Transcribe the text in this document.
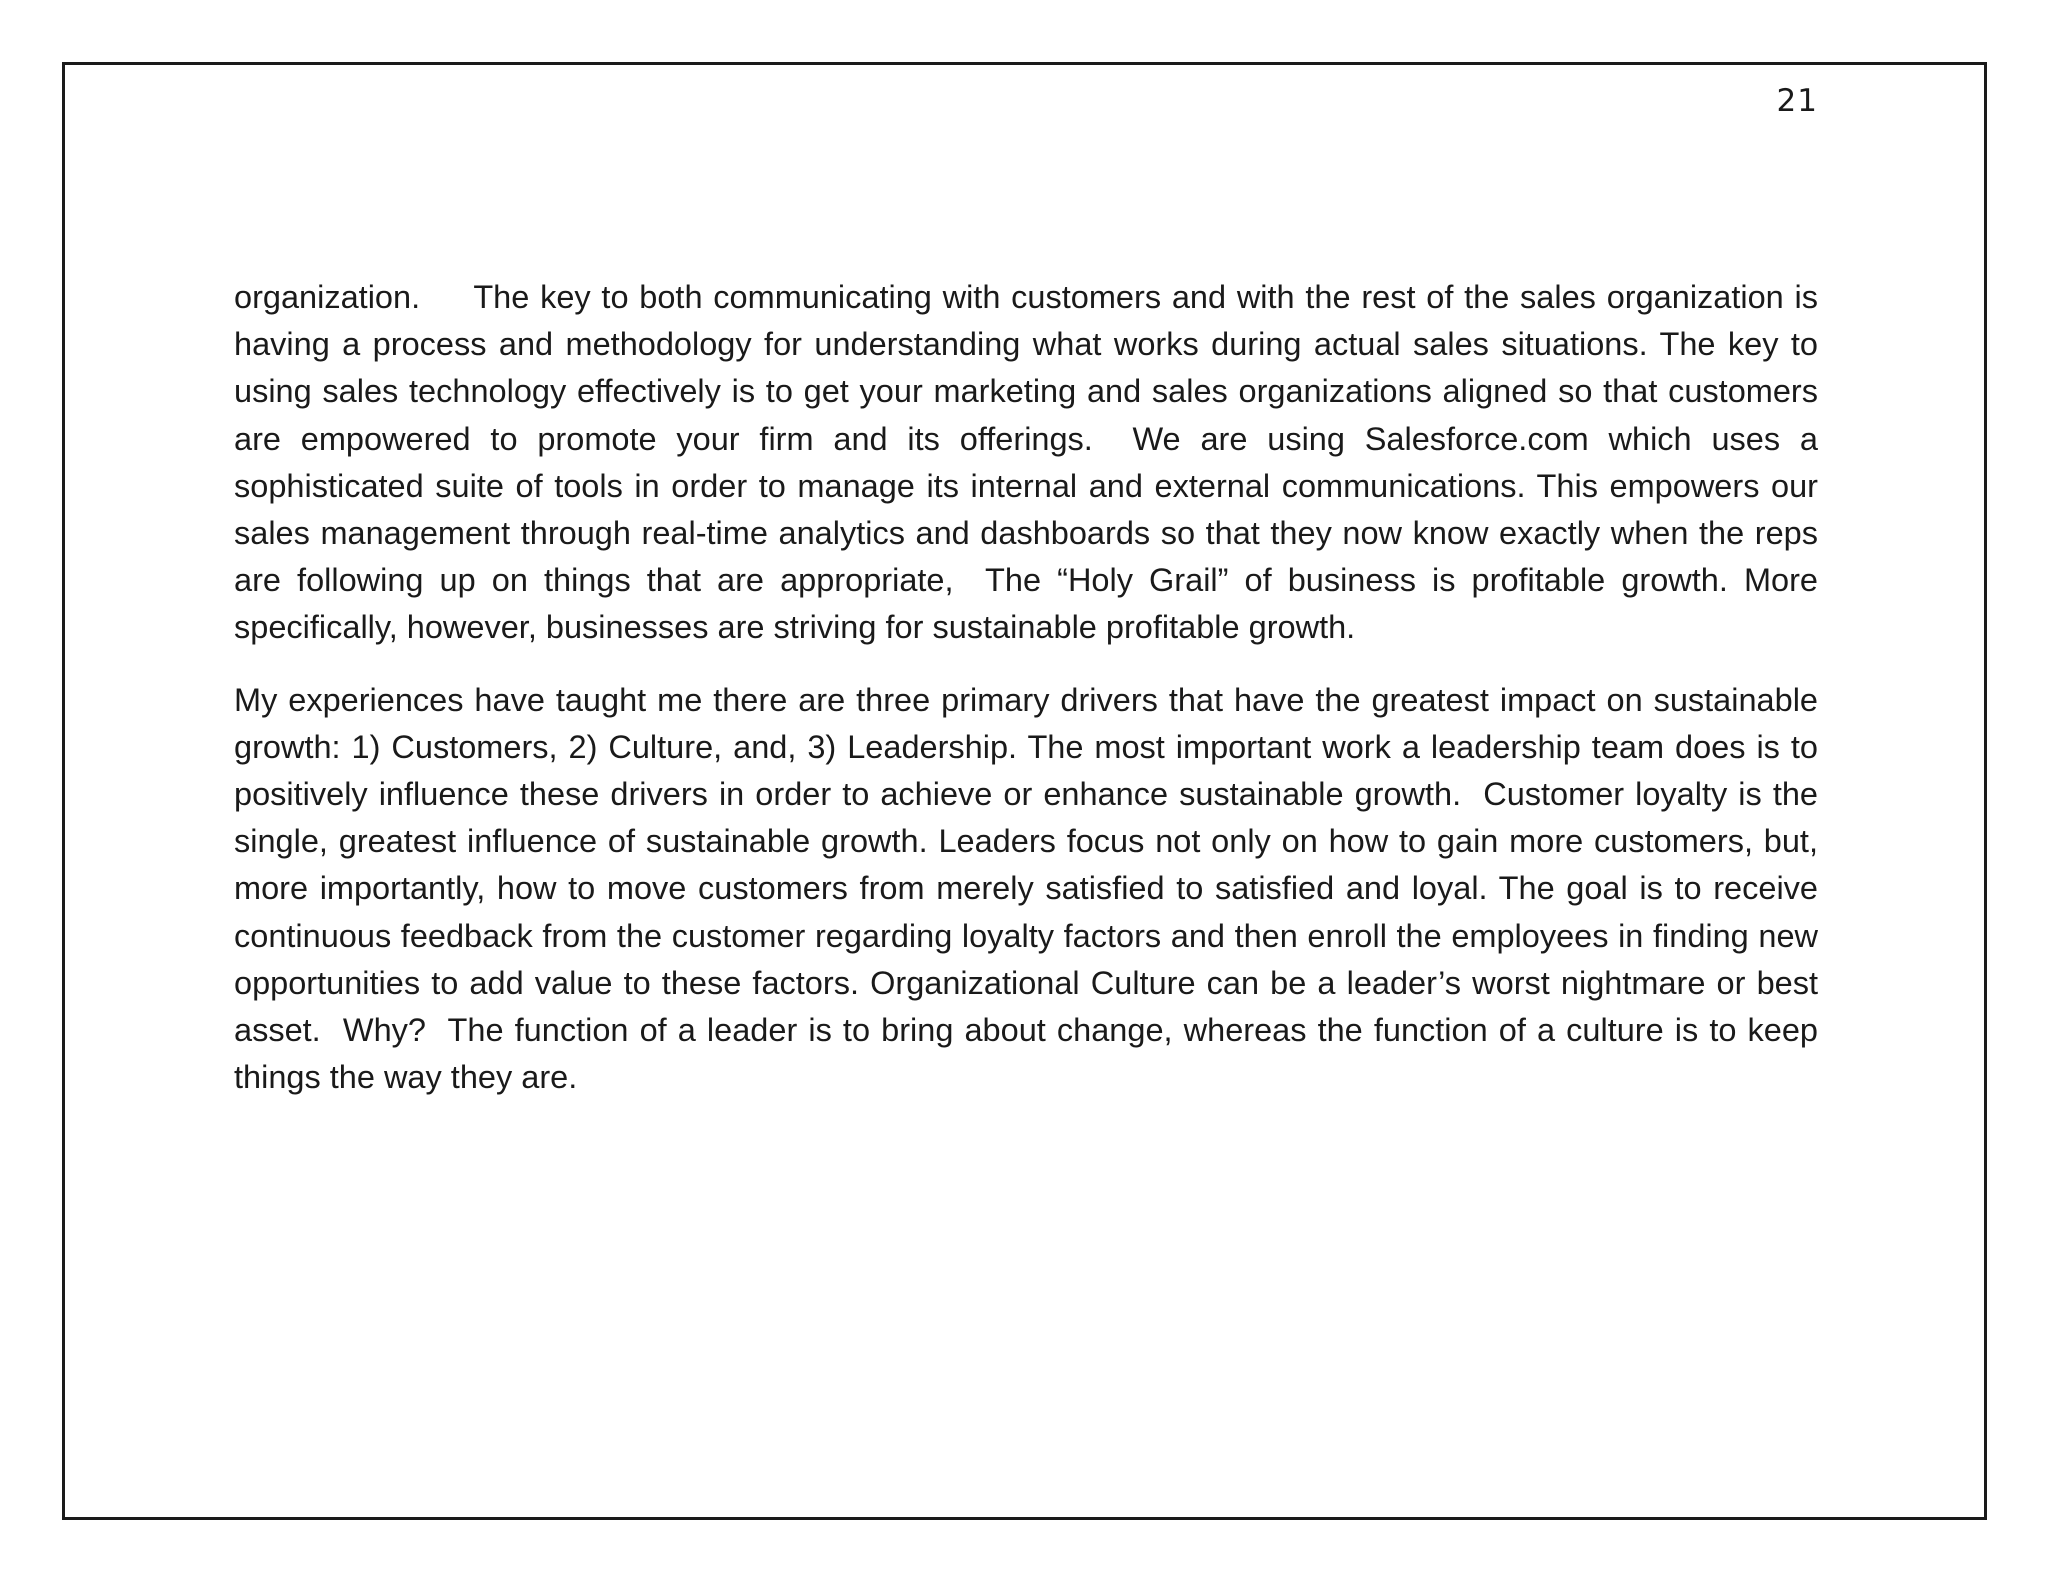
21

organization.     The key to both communicating with customers and with the rest of the sales organization is having a process and methodology for understanding what works during actual sales situations. The key to using sales technology effectively is to get your marketing and sales organizations aligned so that customers are empowered to promote your firm and its offerings.  We are using Salesforce.com which uses a sophisticated suite of tools in order to manage its internal and external communications. This empowers our sales management through real-time analytics and dashboards so that they now know exactly when the reps are following up on things that are appropriate,  The “Holy Grail” of business is profitable growth. More specifically, however, businesses are striving for sustainable profitable growth.

My experiences have taught me there are three primary drivers that have the greatest impact on sustainable growth: 1) Customers, 2) Culture, and, 3) Leadership. The most important work a leadership team does is to positively influence these drivers in order to achieve or enhance sustainable growth.  Customer loyalty is the single, greatest influence of sustainable growth. Leaders focus not only on how to gain more customers, but, more importantly, how to move customers from merely satisfied to satisfied and loyal. The goal is to receive continuous feedback from the customer regarding loyalty factors and then enroll the employees in finding new opportunities to add value to these factors. Organizational Culture can be a leader’s worst nightmare or best asset.  Why?  The function of a leader is to bring about change, whereas the function of a culture is to keep things the way they are.
